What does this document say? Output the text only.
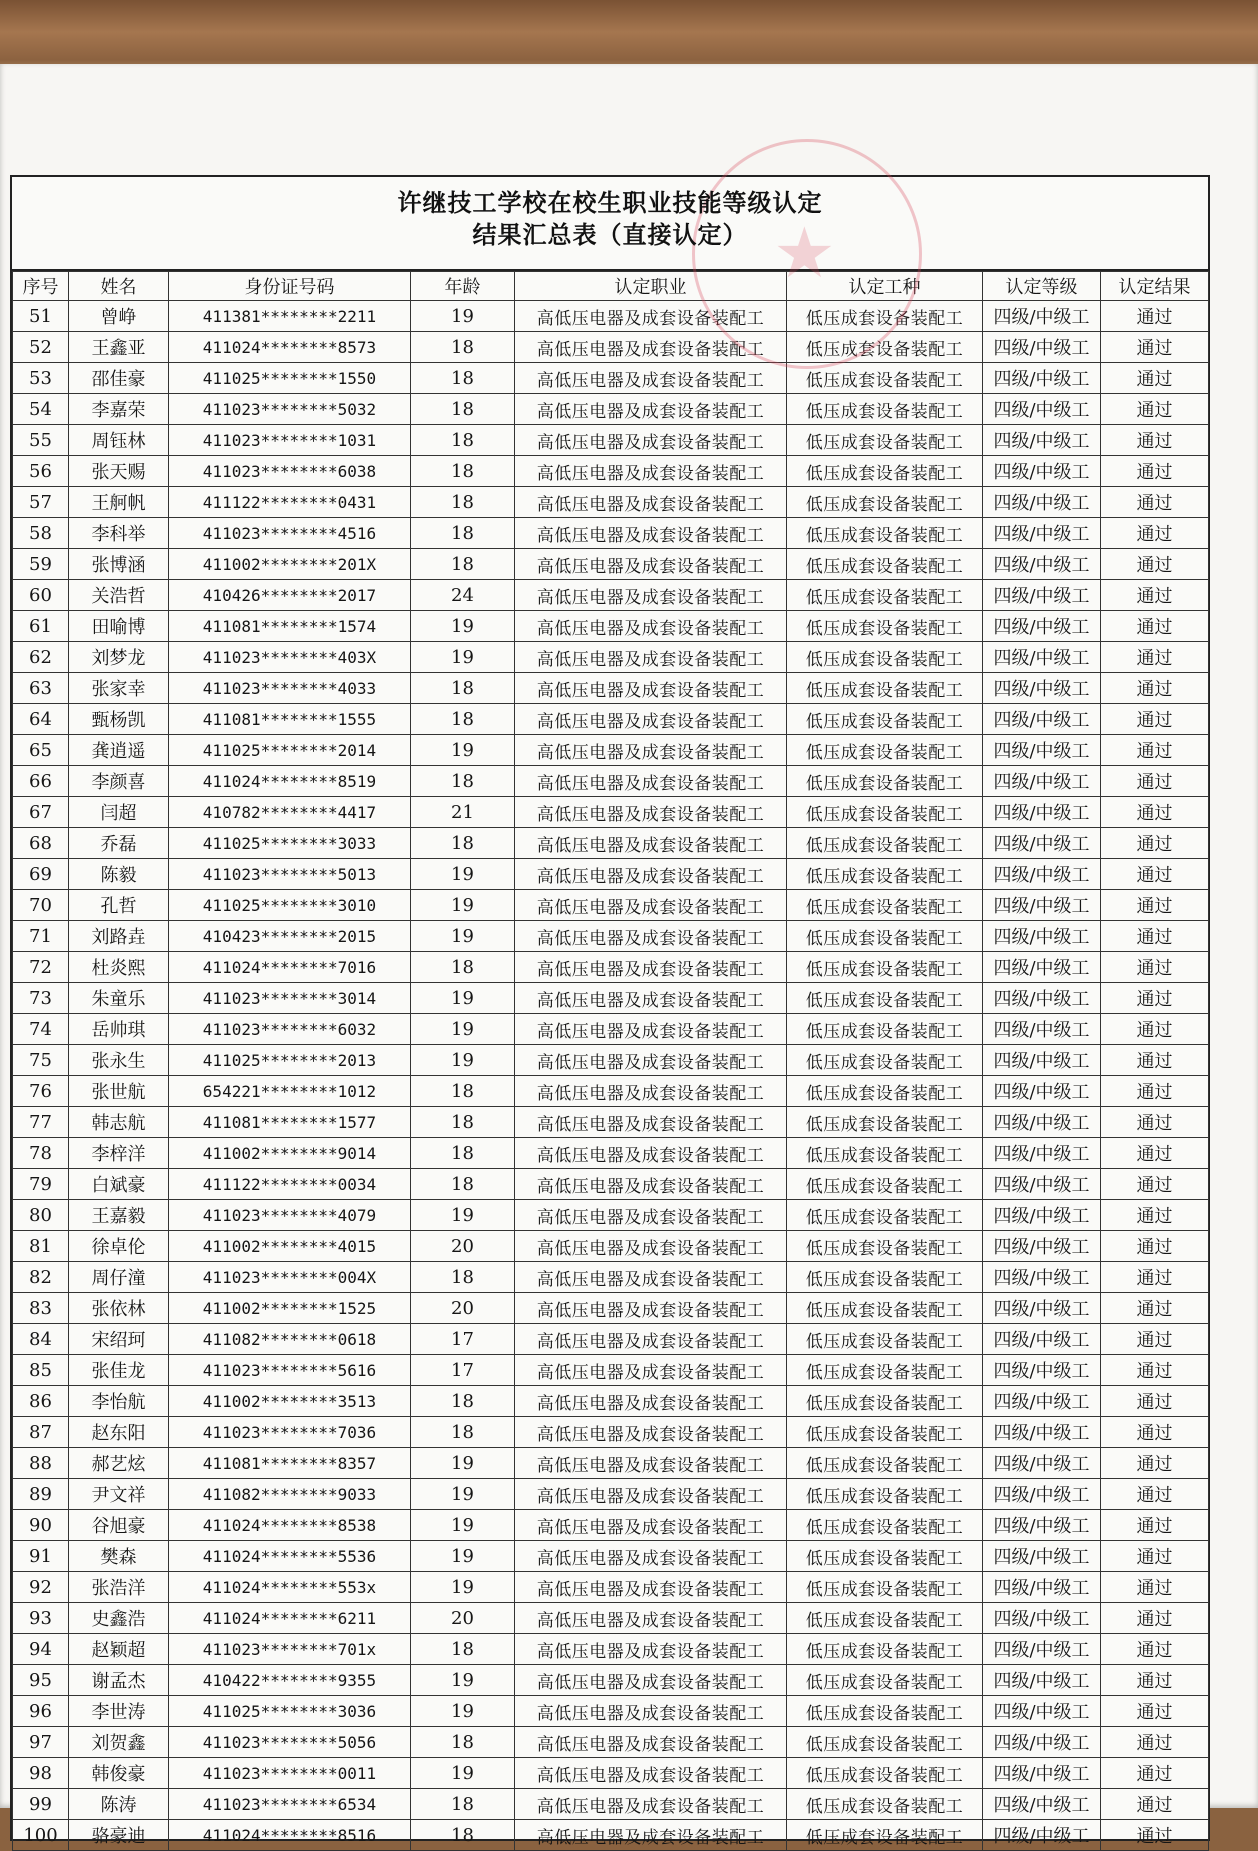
★
许继技工学校在校生职业技能等级认定
结果汇总表（直接认定）
序号	姓名	身份证号码	年龄	认定职业	认定工种	认定等级	认定结果
51	曾峥	411381********2211	19	高低压电器及成套设备装配工	低压成套设备装配工	四级/中级工	通过
52	王鑫亚	411024********8573	18	高低压电器及成套设备装配工	低压成套设备装配工	四级/中级工	通过
53	邵佳豪	411025********1550	18	高低压电器及成套设备装配工	低压成套设备装配工	四级/中级工	通过
54	李嘉荣	411023********5032	18	高低压电器及成套设备装配工	低压成套设备装配工	四级/中级工	通过
55	周钰林	411023********1031	18	高低压电器及成套设备装配工	低压成套设备装配工	四级/中级工	通过
56	张天赐	411023********6038	18	高低压电器及成套设备装配工	低压成套设备装配工	四级/中级工	通过
57	王舸帆	411122********0431	18	高低压电器及成套设备装配工	低压成套设备装配工	四级/中级工	通过
58	李科举	411023********4516	18	高低压电器及成套设备装配工	低压成套设备装配工	四级/中级工	通过
59	张博涵	411002********201X	18	高低压电器及成套设备装配工	低压成套设备装配工	四级/中级工	通过
60	关浩哲	410426********2017	24	高低压电器及成套设备装配工	低压成套设备装配工	四级/中级工	通过
61	田喻博	411081********1574	19	高低压电器及成套设备装配工	低压成套设备装配工	四级/中级工	通过
62	刘梦龙	411023********403X	19	高低压电器及成套设备装配工	低压成套设备装配工	四级/中级工	通过
63	张家幸	411023********4033	18	高低压电器及成套设备装配工	低压成套设备装配工	四级/中级工	通过
64	甄杨凯	411081********1555	18	高低压电器及成套设备装配工	低压成套设备装配工	四级/中级工	通过
65	龚逍遥	411025********2014	19	高低压电器及成套设备装配工	低压成套设备装配工	四级/中级工	通过
66	李颜喜	411024********8519	18	高低压电器及成套设备装配工	低压成套设备装配工	四级/中级工	通过
67	闫超	410782********4417	21	高低压电器及成套设备装配工	低压成套设备装配工	四级/中级工	通过
68	乔磊	411025********3033	18	高低压电器及成套设备装配工	低压成套设备装配工	四级/中级工	通过
69	陈毅	411023********5013	19	高低压电器及成套设备装配工	低压成套设备装配工	四级/中级工	通过
70	孔哲	411025********3010	19	高低压电器及成套设备装配工	低压成套设备装配工	四级/中级工	通过
71	刘路垚	410423********2015	19	高低压电器及成套设备装配工	低压成套设备装配工	四级/中级工	通过
72	杜炎熙	411024********7016	18	高低压电器及成套设备装配工	低压成套设备装配工	四级/中级工	通过
73	朱童乐	411023********3014	19	高低压电器及成套设备装配工	低压成套设备装配工	四级/中级工	通过
74	岳帅琪	411023********6032	19	高低压电器及成套设备装配工	低压成套设备装配工	四级/中级工	通过
75	张永生	411025********2013	19	高低压电器及成套设备装配工	低压成套设备装配工	四级/中级工	通过
76	张世航	654221********1012	18	高低压电器及成套设备装配工	低压成套设备装配工	四级/中级工	通过
77	韩志航	411081********1577	18	高低压电器及成套设备装配工	低压成套设备装配工	四级/中级工	通过
78	李梓洋	411002********9014	18	高低压电器及成套设备装配工	低压成套设备装配工	四级/中级工	通过
79	白斌豪	411122********0034	18	高低压电器及成套设备装配工	低压成套设备装配工	四级/中级工	通过
80	王嘉毅	411023********4079	19	高低压电器及成套设备装配工	低压成套设备装配工	四级/中级工	通过
81	徐卓伦	411002********4015	20	高低压电器及成套设备装配工	低压成套设备装配工	四级/中级工	通过
82	周仔潼	411023********004X	18	高低压电器及成套设备装配工	低压成套设备装配工	四级/中级工	通过
83	张依林	411002********1525	20	高低压电器及成套设备装配工	低压成套设备装配工	四级/中级工	通过
84	宋绍珂	411082********0618	17	高低压电器及成套设备装配工	低压成套设备装配工	四级/中级工	通过
85	张佳龙	411023********5616	17	高低压电器及成套设备装配工	低压成套设备装配工	四级/中级工	通过
86	李怡航	411002********3513	18	高低压电器及成套设备装配工	低压成套设备装配工	四级/中级工	通过
87	赵东阳	411023********7036	18	高低压电器及成套设备装配工	低压成套设备装配工	四级/中级工	通过
88	郝艺炫	411081********8357	19	高低压电器及成套设备装配工	低压成套设备装配工	四级/中级工	通过
89	尹文祥	411082********9033	19	高低压电器及成套设备装配工	低压成套设备装配工	四级/中级工	通过
90	谷旭豪	411024********8538	19	高低压电器及成套设备装配工	低压成套设备装配工	四级/中级工	通过
91	樊森	411024********5536	19	高低压电器及成套设备装配工	低压成套设备装配工	四级/中级工	通过
92	张浩洋	411024********553x	19	高低压电器及成套设备装配工	低压成套设备装配工	四级/中级工	通过
93	史鑫浩	411024********6211	20	高低压电器及成套设备装配工	低压成套设备装配工	四级/中级工	通过
94	赵颖超	411023********701x	18	高低压电器及成套设备装配工	低压成套设备装配工	四级/中级工	通过
95	谢孟杰	410422********9355	19	高低压电器及成套设备装配工	低压成套设备装配工	四级/中级工	通过
96	李世涛	411025********3036	19	高低压电器及成套设备装配工	低压成套设备装配工	四级/中级工	通过
97	刘贺鑫	411023********5056	18	高低压电器及成套设备装配工	低压成套设备装配工	四级/中级工	通过
98	韩俊豪	411023********0011	19	高低压电器及成套设备装配工	低压成套设备装配工	四级/中级工	通过
99	陈涛	411023********6534	18	高低压电器及成套设备装配工	低压成套设备装配工	四级/中级工	通过
100	骆豪迪	411024********8516	18	高低压电器及成套设备装配工	低压成套设备装配工	四级/中级工	通过
